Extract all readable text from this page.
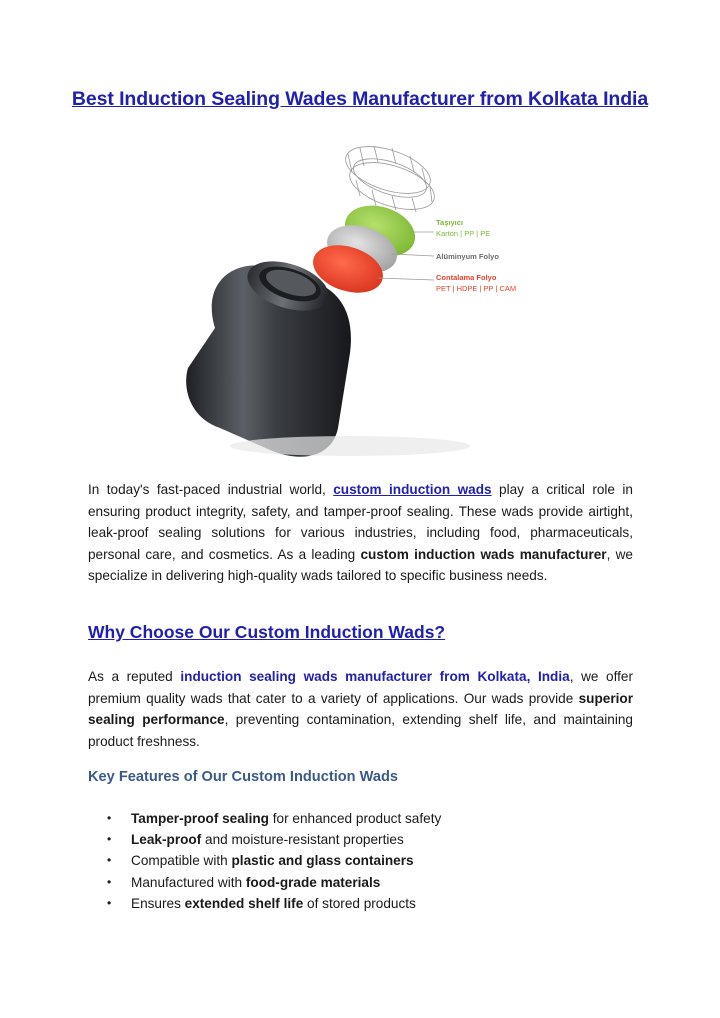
Best Induction Sealing Wades Manufacturer from Kolkata India
Taşıyıcı
Karton | PP | PE
Alüminyum Folyo
Contalama Folyo
PET | HDPE | PP | CAM

In today's fast-paced industrial world, custom induction wads play a critical role in ensuring product integrity, safety, and tamper-proof sealing. These wads provide airtight, leak-proof sealing solutions for various industries, including food, pharmaceuticals, personal care, and cosmetics. As a leading custom induction wads manufacturer, we specialize in delivering high-quality wads tailored to specific business needs.

Why Choose Our Custom Induction Wads?

As a reputed induction sealing wads manufacturer from Kolkata, India, we offer premium quality wads that cater to a variety of applications. Our wads provide superior sealing performance, preventing contamination, extending shelf life, and maintaining product freshness.

Key Features of Our Custom Induction Wads
• Tamper-proof sealing for enhanced product safety
• Leak-proof and moisture-resistant properties
• Compatible with plastic and glass containers
• Manufactured with food-grade materials
• Ensures extended shelf life of stored products
